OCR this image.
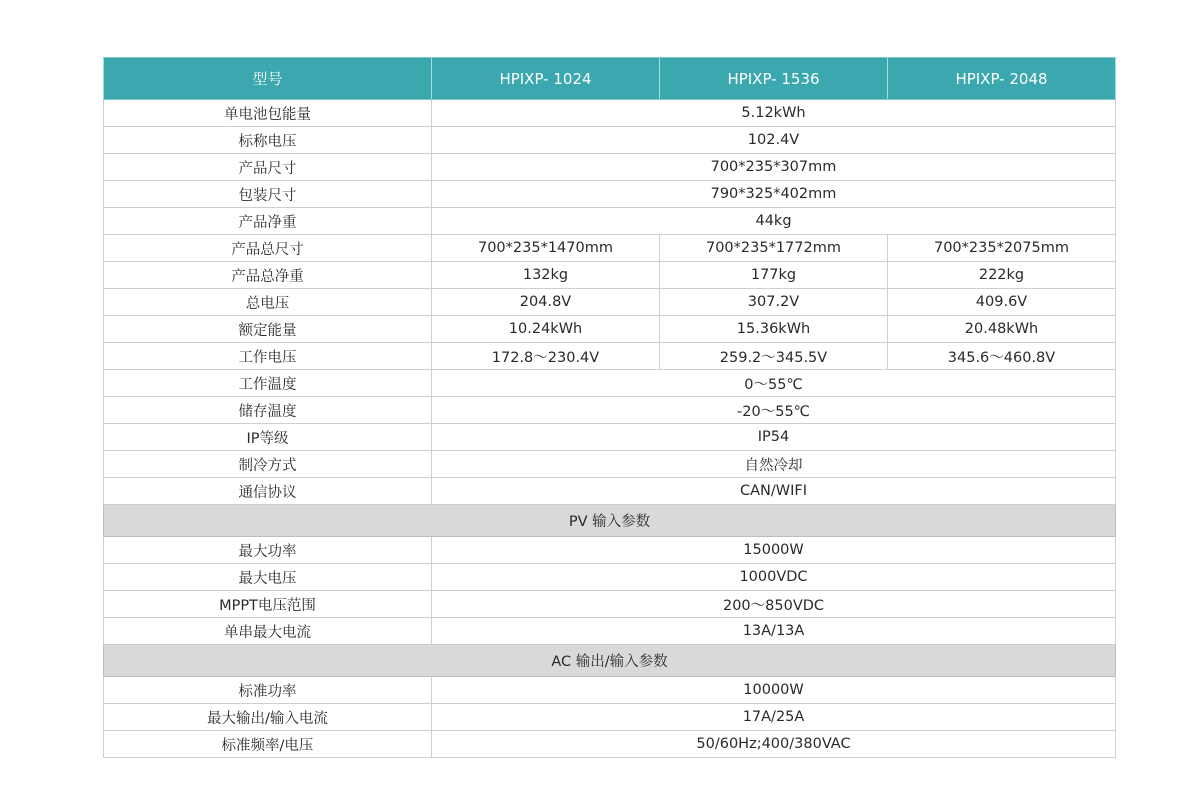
型号	HPIXP- 1024	HPIXP- 1536	HPIXP- 2048
单电池包能量	5.12kWh		
标称电压	102.4V		
产品尺寸	700*235*307mm		
包装尺寸	790*325*402mm		
产品净重	44kg		
产品总尺寸	700*235*1470mm	700*235*1772mm	700*235*2075mm
产品总净重	132kg	177kg	222kg
总电压	204.8V	307.2V	409.6V
额定能量	10.24kWh	15.36kWh	20.48kWh
工作电压	172.8～230.4V	259.2～345.5V	345.6～460.8V
工作温度	0～55℃		
储存温度	-20～55℃		
IP等级	IP54		
制冷方式	自然冷却		
通信协议	CAN/WIFI		
PV 输入参数			
最大功率	15000W		
最大电压	1000VDC		
MPPT电压范围	200～850VDC		
单串最大电流	13A/13A		
AC 输出/输入参数			
标准功率	10000W		
最大输出/输入电流	17A/25A		
标准频率/电压	50/60Hz;400/380VAC		
